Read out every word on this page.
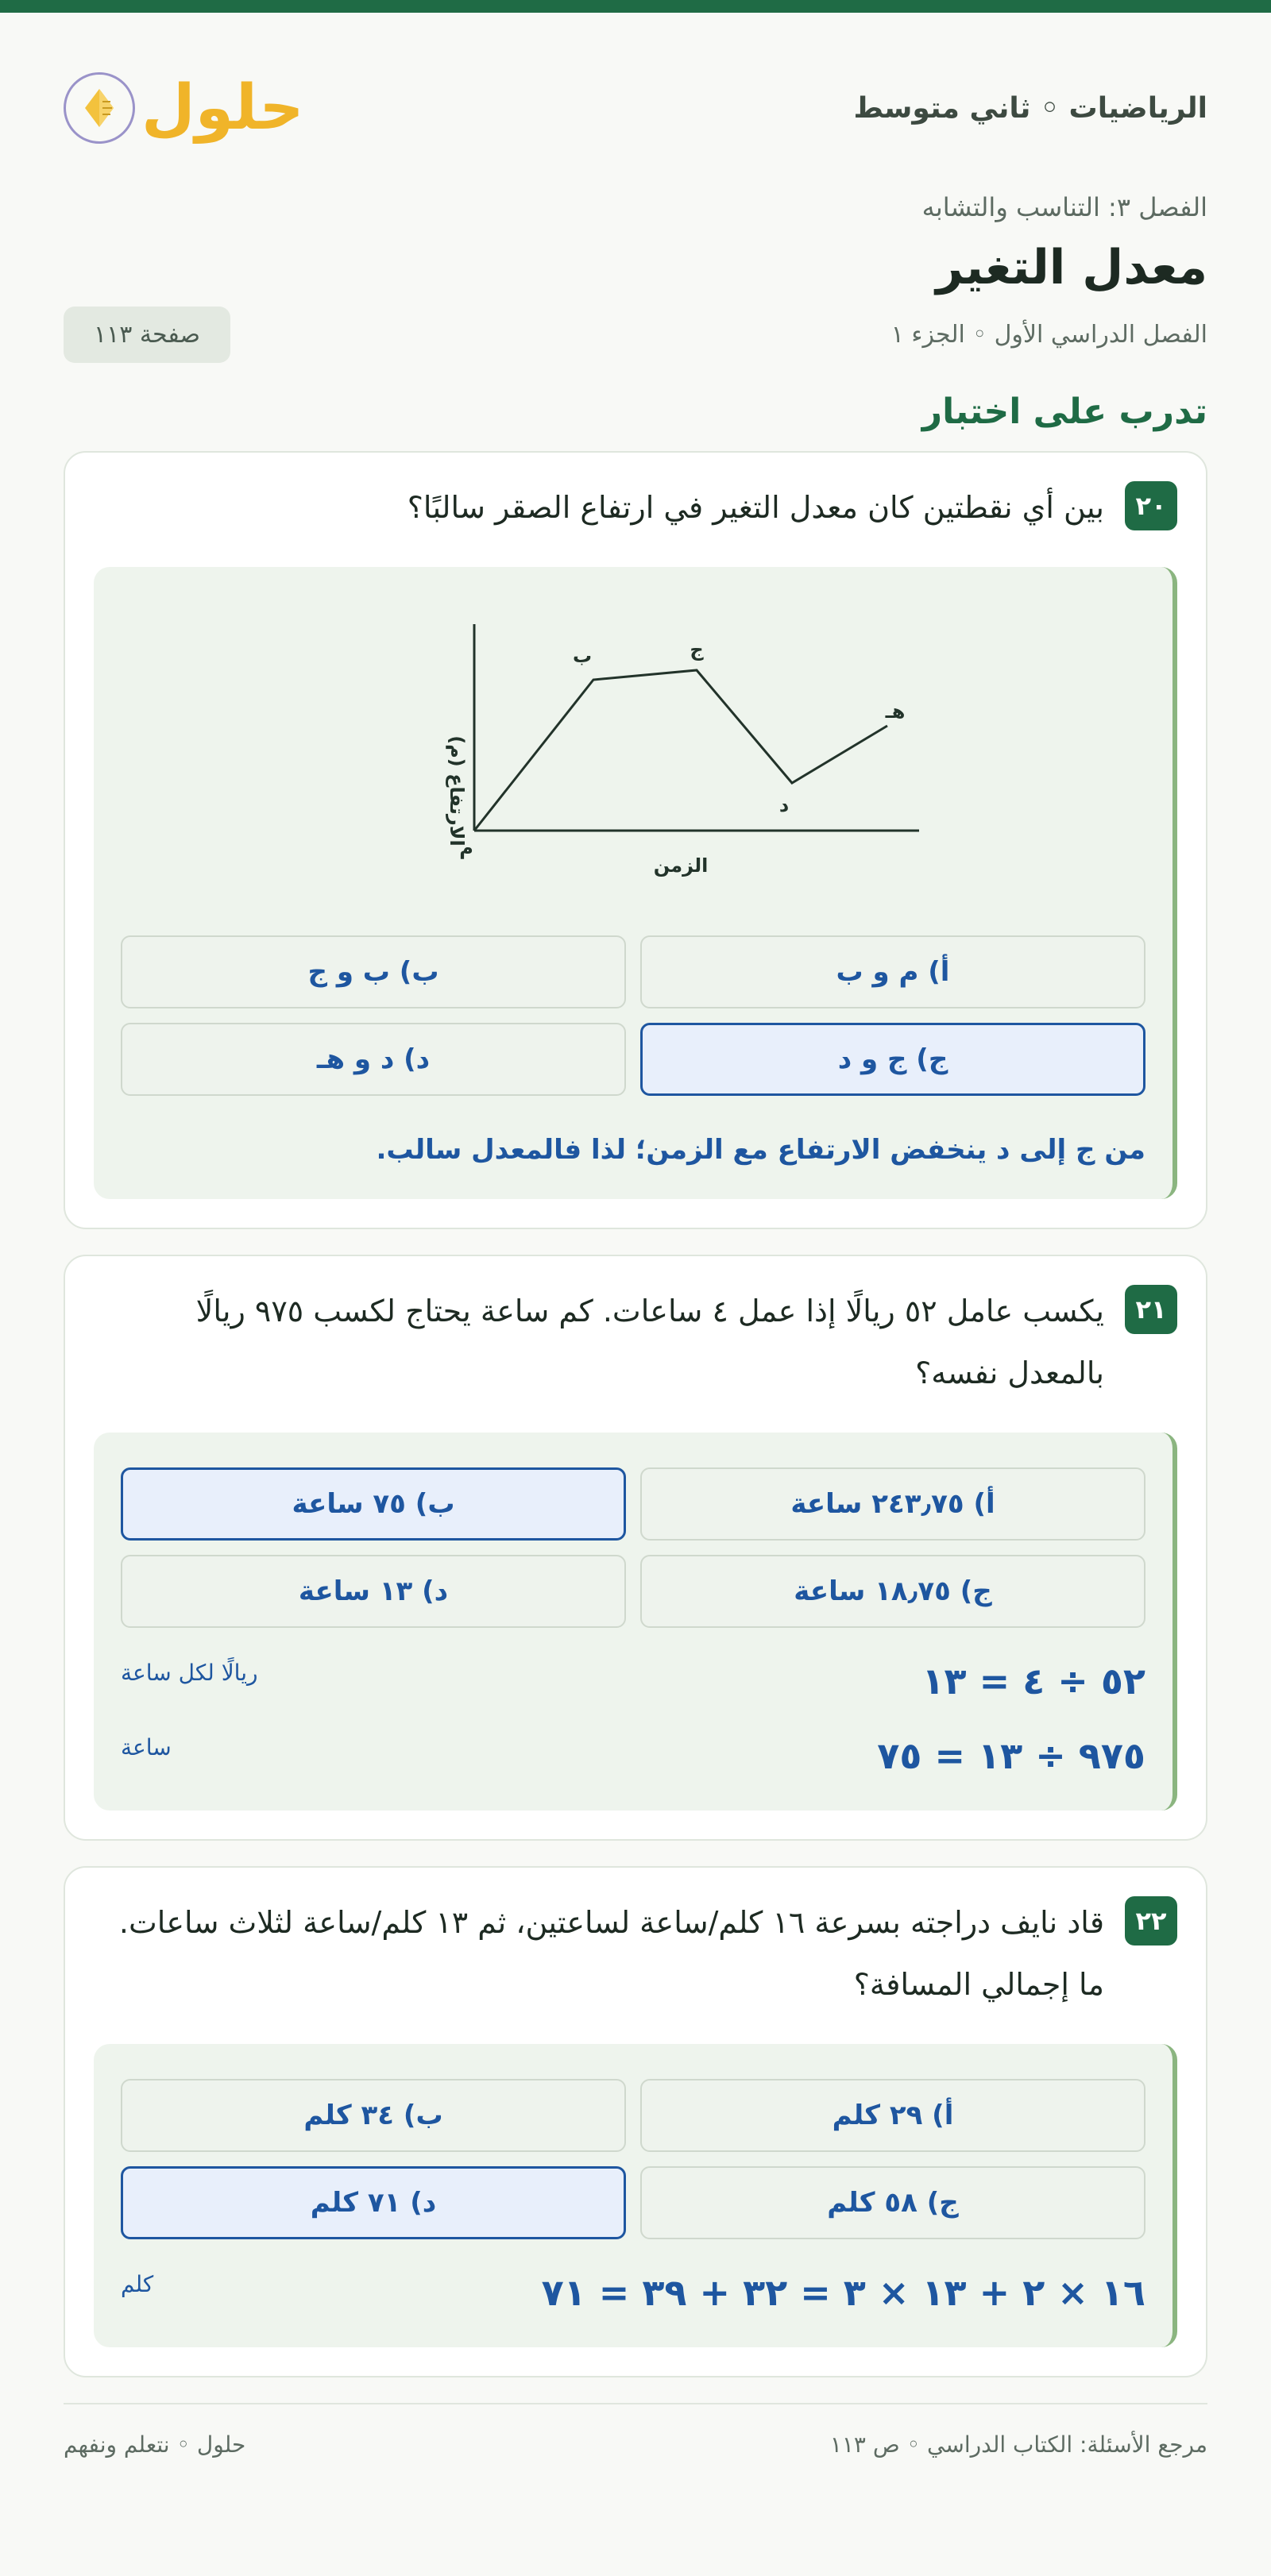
الرياضيات ◦ ثاني متوسط
حلول
الفصل ٣: التناسب والتشابه
معدل التغير
الفصل الدراسي الأول ◦ الجزء ١
صفحة ١١٣
تدرب على اختبار
٢٠
بين أي نقطتين كان معدل التغير في ارتفاع الصقر سالبًا؟
م
ب	ج
د
هـ
الزمن
الارتفاع (م)
أ) م و ب
ب) ب و ج
ج) ج و د
د) د و هـ
من ج إلى د ينخفض الارتفاع مع الزمن؛ لذا فالمعدل سالب.
٢١
يكسب عامل ٥٢ ريالًا إذا عمل ٤ ساعات. كم ساعة يحتاج لكسب ٩٧٥ ريالًا بالمعدل نفسه؟
أ) ٢٤٣٫٧٥ ساعة
ب) ٧٥ ساعة
ج) ١٨٫٧٥ ساعة
د) ١٣ ساعة
٥٢ ÷ ٤ = ١٣
ريالًا لكل ساعة
٩٧٥ ÷ ١٣ = ٧٥
ساعة
٢٢
قاد نايف دراجته بسرعة ١٦ كلم/ساعة لساعتين، ثم ١٣ كلم/ساعة لثلاث ساعات. ما إجمالي المسافة؟
أ) ٢٩ كلم
ب) ٣٤ كلم
ج) ٥٨ كلم
د) ٧١ كلم
١٦ × ٢ + ١٣ × ٣ = ٣٢ + ٣٩ = ٧١
كلم
مرجع الأسئلة: الكتاب الدراسي ◦ ص ١١٣
حلول ◦ نتعلم ونفهم
